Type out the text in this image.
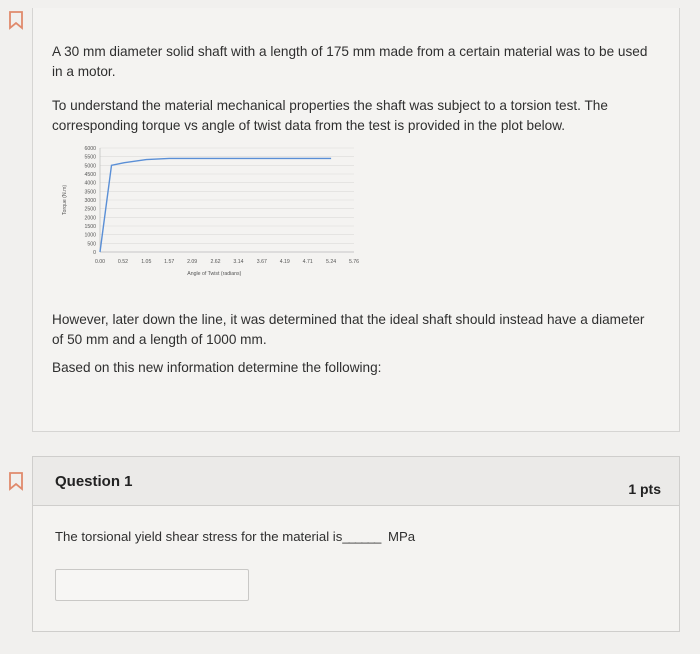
A 30 mm diameter solid shaft with a length of 175 mm made from a certain material was to be used
in a motor.
To understand the material mechanical properties the shaft was subject to a torsion test. The
corresponding torque vs angle of twist data from the test is provided in the plot below.
0
500
1000
1500
2000
2500
3000
3500
4000
4500
5000
5500
6000
0.00 0.52	1.05 1.57 2.09	2.62 3.14	3.67 4.19 4.71	5.24 5.76
Angle of Twist (radians)
Torque (N.m)
However, later down the line, it was determined that the ideal shaft should instead have a diameter
of 50 mm and a length of 1000 mm.
Based on this new information determine the following:
Question 1	1 pts
The torsional yield shear stress for the material is______ MPa
